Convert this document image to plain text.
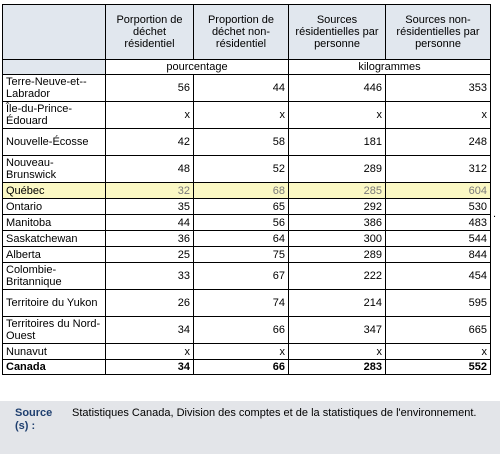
	Porportion de déchet résidentiel	Proportion de déchet non-résidentiel	Sources résidentielles par personne	Sources non-résidentielles par personne
	pourcentage		kilogrammes	
Terre-Neuve-et--Labrador	56	44	446	353
Île-du-Prince-Édouard	x	x	x	x
Nouvelle-Écosse	42	58	181	248
Nouveau-Brunswick	48	52	289	312
Québec	32	68	285	604
Ontario	35	65	292	530
Manitoba	44	56	386	483
Saskatchewan	36	64	300	544
Alberta	25	75	289	844
Colombie-Britannique	33	67	222	454
Territoire du Yukon	26	74	214	595
Territoires du Nord-Ouest	34	66	347	665
Nunavut	x	x	x	x
Canada	34	66	283	552
.
Source (s) :
Statistiques Canada, Division des comptes et de la statistiques de l'environnement.
